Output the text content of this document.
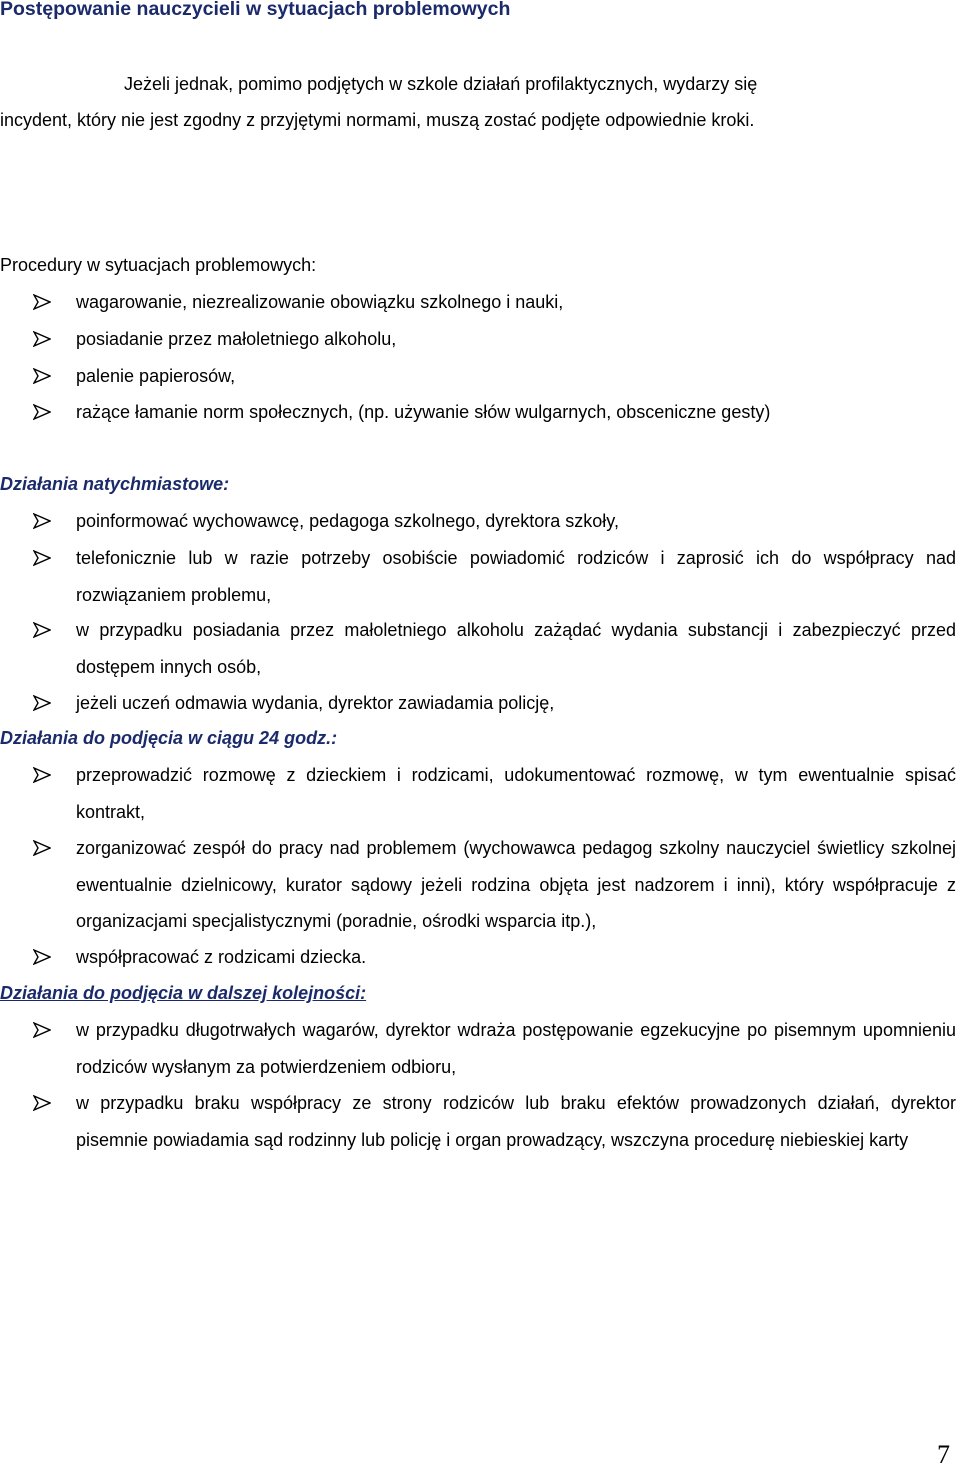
Postępowanie nauczycieli w sytuacjach problemowych
Jeżeli jednak, pomimo podjętych w szkole działań profilaktycznych, wydarzy się
incydent, który nie jest zgodny z przyjętymi normami, muszą zostać podjęte odpowiednie kroki.
Procedury w sytuacjach problemowych:
wagarowanie, niezrealizowanie obowiązku szkolnego i nauki,
posiadanie przez małoletniego alkoholu,
palenie papierosów,
rażące łamanie norm społecznych, (np. używanie słów wulgarnych, obsceniczne gesty)
Działania natychmiastowe:
poinformować wychowawcę, pedagoga szkolnego, dyrektora szkoły,
telefonicznie lub w razie potrzeby osobiście powiadomić rodziców i zaprosić ich do współpracy nad rozwiązaniem problemu,
w przypadku posiadania przez małoletniego alkoholu zażądać wydania substancji i zabezpieczyć przed dostępem innych osób,
jeżeli uczeń odmawia wydania, dyrektor zawiadamia policję,
Działania do podjęcia w ciągu 24 godz.:
przeprowadzić rozmowę z dzieckiem i rodzicami, udokumentować rozmowę, w tym ewentualnie spisać kontrakt,
zorganizować zespół do pracy nad problemem (wychowawca pedagog szkolny nauczyciel świetlicy szkolnej ewentualnie dzielnicowy, kurator sądowy jeżeli rodzina objęta jest nadzorem i inni), który współpracuje z organizacjami specjalistycznymi (poradnie, ośrodki wsparcia itp.),
współpracować z rodzicami dziecka.
Działania do podjęcia w dalszej kolejności:
w przypadku długotrwałych wagarów, dyrektor wdraża postępowanie egzekucyjne po pisemnym upomnieniu rodziców wysłanym za potwierdzeniem odbioru,
w przypadku braku współpracy ze strony rodziców lub braku efektów prowadzonych działań, dyrektor pisemnie powiadamia sąd rodzinny lub policję i organ prowadzący, wszczyna procedurę niebieskiej karty
7
